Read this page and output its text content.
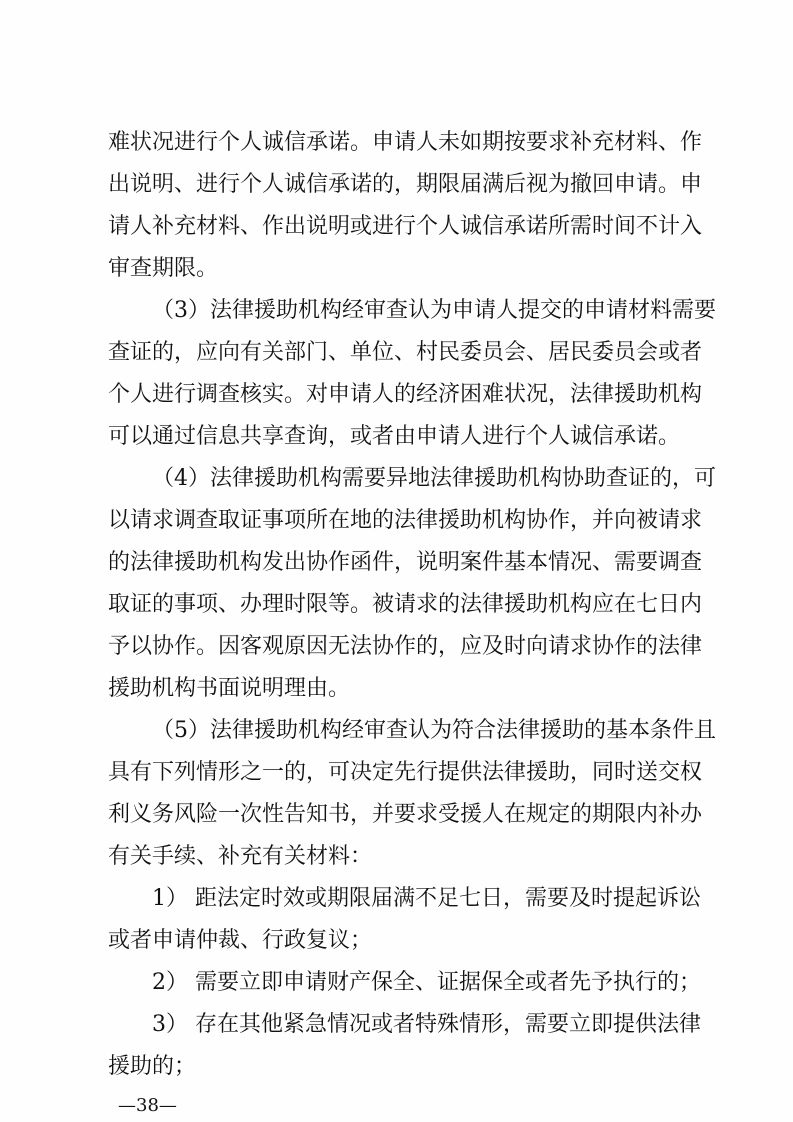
难状况进行个人诚信承诺。申请人未如期按要求补充材料、作
出说明、进行个人诚信承诺的，期限届满后视为撤回申请。申
请人补充材料、作出说明或进行个人诚信承诺所需时间不计入
审查期限。
（3）法律援助机构经审查认为申请人提交的申请材料需要
查证的，应向有关部门、单位、村民委员会、居民委员会或者
个人进行调查核实。对申请人的经济困难状况，法律援助机构
可以通过信息共享查询，或者由申请人进行个人诚信承诺。
（4）法律援助机构需要异地法律援助机构协助查证的，可
以请求调查取证事项所在地的法律援助机构协作，并向被请求
的法律援助机构发出协作函件，说明案件基本情况、需要调查
取证的事项、办理时限等。被请求的法律援助机构应在七日内
予以协作。因客观原因无法协作的，应及时向请求协作的法律
援助机构书面说明理由。
（5）法律援助机构经审查认为符合法律援助的基本条件且
具有下列情形之一的，可决定先行提供法律援助，同时送交权
利义务风险一次性告知书，并要求受援人在规定的期限内补办
有关手续、补充有关材料：
1） 距法定时效或期限届满不足七日，需要及时提起诉讼
或者申请仲裁、行政复议；
2） 需要立即申请财产保全、证据保全或者先予执行的；
3） 存在其他紧急情况或者特殊情形，需要立即提供法律
援助的；
—38—
